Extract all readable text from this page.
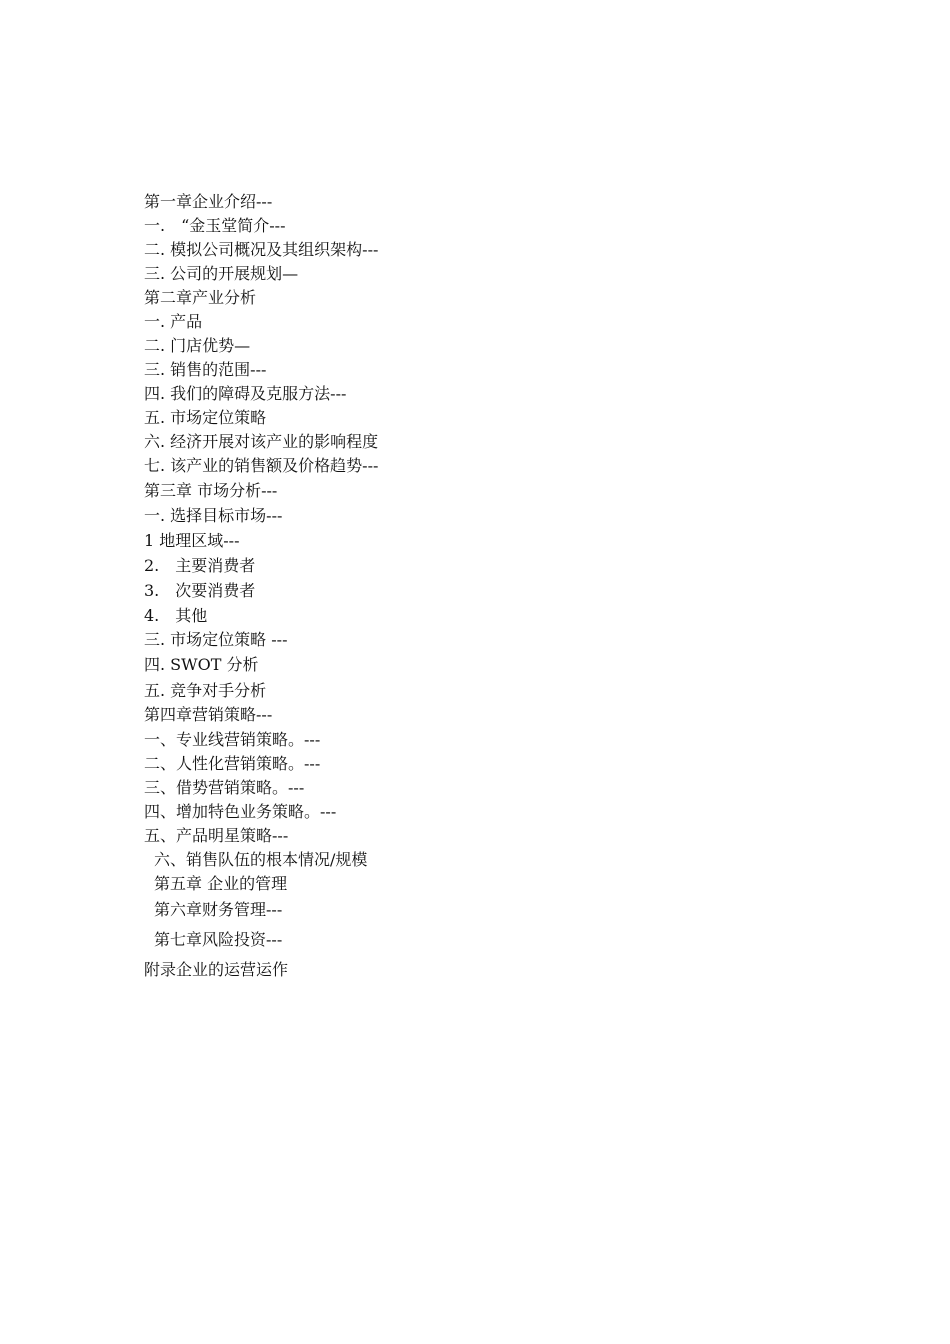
第一章企业介绍---
一.　“金玉堂简介---
二. 模拟公司概况及其组织架构---
三. 公司的开展规划—
第二章产业分析
一. 产品
二. 门店优势—
三. 销售的范围---
四. 我们的障碍及克服方法---
五. 市场定位策略
六. 经济开展对该产业的影响程度
七. 该产业的销售额及价格趋势---
第三章 市场分析---
一. 选择目标市场---
1 地理区域---
2.　主要消费者
3.　次要消费者
4.　其他
三. 市场定位策略 ---
四. SWOT 分析
五. 竞争对手分析
第四章营销策略---
一、专业线营销策略。---
二、人性化营销策略。---
三、借势营销策略。---
四、增加特色业务策略。---
五、产品明星策略---
六、销售队伍的根本情况/规模
第五章 企业的管理
第六章财务管理---
第七章风险投资---
附录企业的运营运作
